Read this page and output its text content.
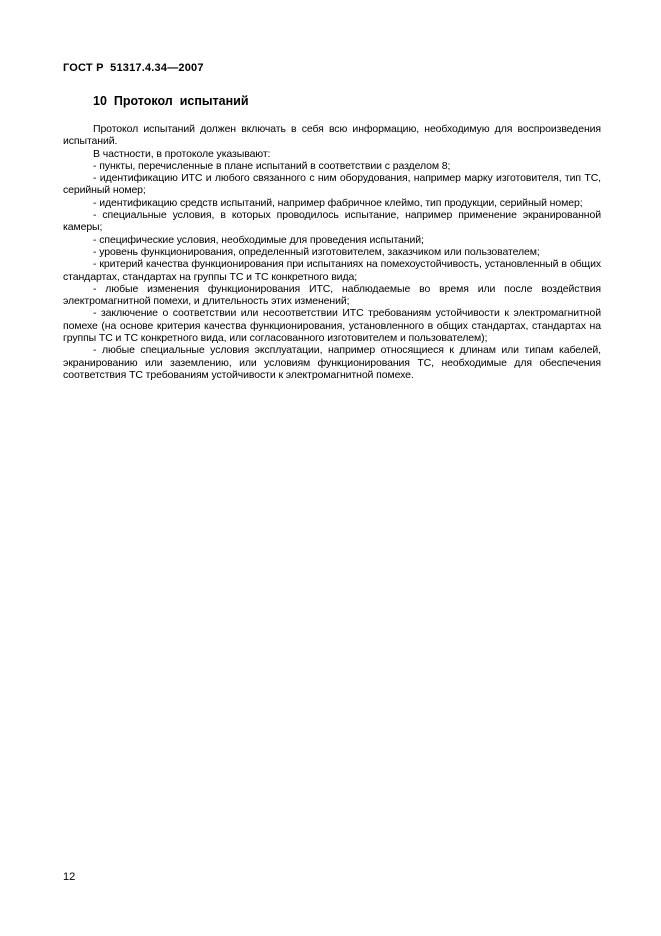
ГОСТ Р  51317.4.34—2007
10  Протокол  испытаний

Протокол испытаний должен включать в себя всю информацию, необходимую для воспроизведения испытаний.

В частности, в протоколе указывают:

- пункты, перечисленные в плане испытаний в соответствии с разделом 8;

- идентификацию ИТС и любого связанного с ним оборудования, например марку изготовителя, тип ТС, серийный номер;

- идентификацию средств испытаний, например фабричное клеймо, тип продукции, серийный номер;

- специальные условия, в которых проводилось испытание, например применение экранированной камеры;

- специфические условия, необходимые для проведения испытаний;

- уровень функционирования, определенный изготовителем, заказчиком или пользователем;

- критерий качества функционирования при испытаниях на помехоустойчивость, установленный в общих стандартах, стандартах на группы ТС и ТС конкретного вида;

- любые изменения функционирования ИТС, наблюдаемые во время или после воздействия электромагнитной помехи, и длительность этих изменений;

- заключение о соответствии или несоответствии ИТС требованиям устойчивости к электромагнитной помехе (на основе критерия качества функционирования, установленного в общих стандартах, стандартах на группы ТС и ТС конкретного вида, или согласованного изготовителем и пользователем);

- любые специальные условия эксплуатации, например относящиеся к длинам или типам кабелей, экранированию или заземлению, или условиям функционирования ТС, необходимые для обеспечения соответствия ТС требованиям устойчивости к электромагнитной помехе.

12
